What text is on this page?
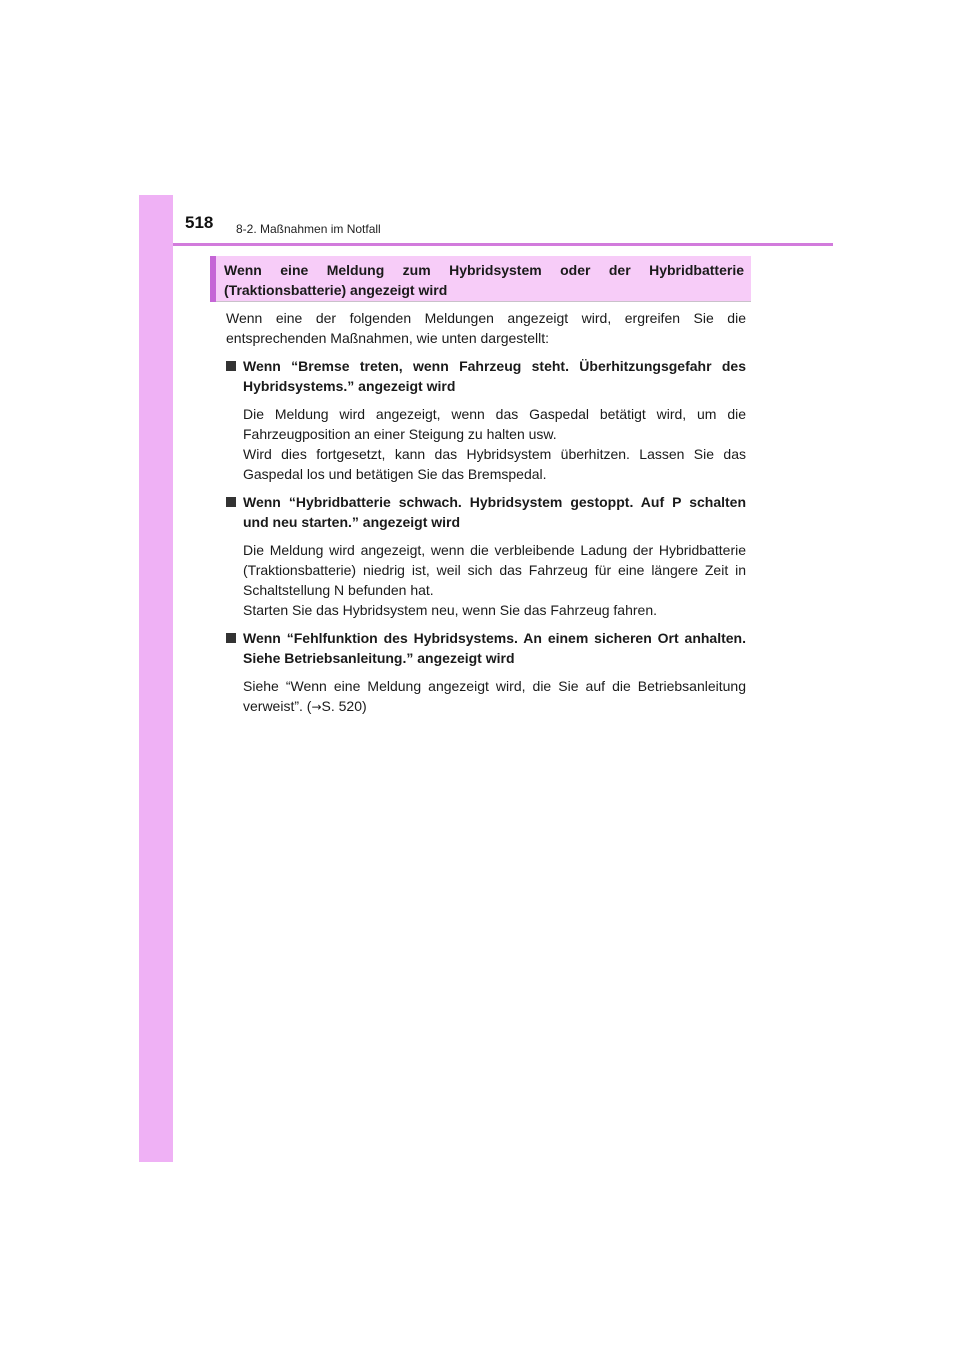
518 8-2. Maßnahmen im Notfall
Wenn eine Meldung zum Hybridsystem oder der Hybridbatterie (Traktionsbatterie) angezeigt wird

Wenn eine der folgenden Meldungen angezeigt wird, ergreifen Sie die entsprechenden Maßnahmen, wie unten dargestellt:

Wenn “Bremse treten, wenn Fahrzeug steht. Überhitzungsgefahr des Hybridsystems.” angezeigt wird

Die Meldung wird angezeigt, wenn das Gaspedal betätigt wird, um die Fahrzeugposition an einer Steigung zu halten usw.

Wird dies fortgesetzt, kann das Hybridsystem überhitzen. Lassen Sie das Gaspedal los und betätigen Sie das Bremspedal.

Wenn “Hybridbatterie schwach. Hybridsystem gestoppt. Auf P schalten und neu starten.” angezeigt wird

Die Meldung wird angezeigt, wenn die verbleibende Ladung der Hybridbatterie (Traktionsbatterie) niedrig ist, weil sich das Fahrzeug für eine längere Zeit in Schaltstellung N befunden hat.

Starten Sie das Hybridsystem neu, wenn Sie das Fahrzeug fahren.

Wenn “Fehlfunktion des Hybridsystems. An einem sicheren Ort anhalten. Siehe Betriebsanleitung.” angezeigt wird

Siehe “Wenn eine Meldung angezeigt wird, die Sie auf die Betriebsanleitung verweist”. (→S. 520)
